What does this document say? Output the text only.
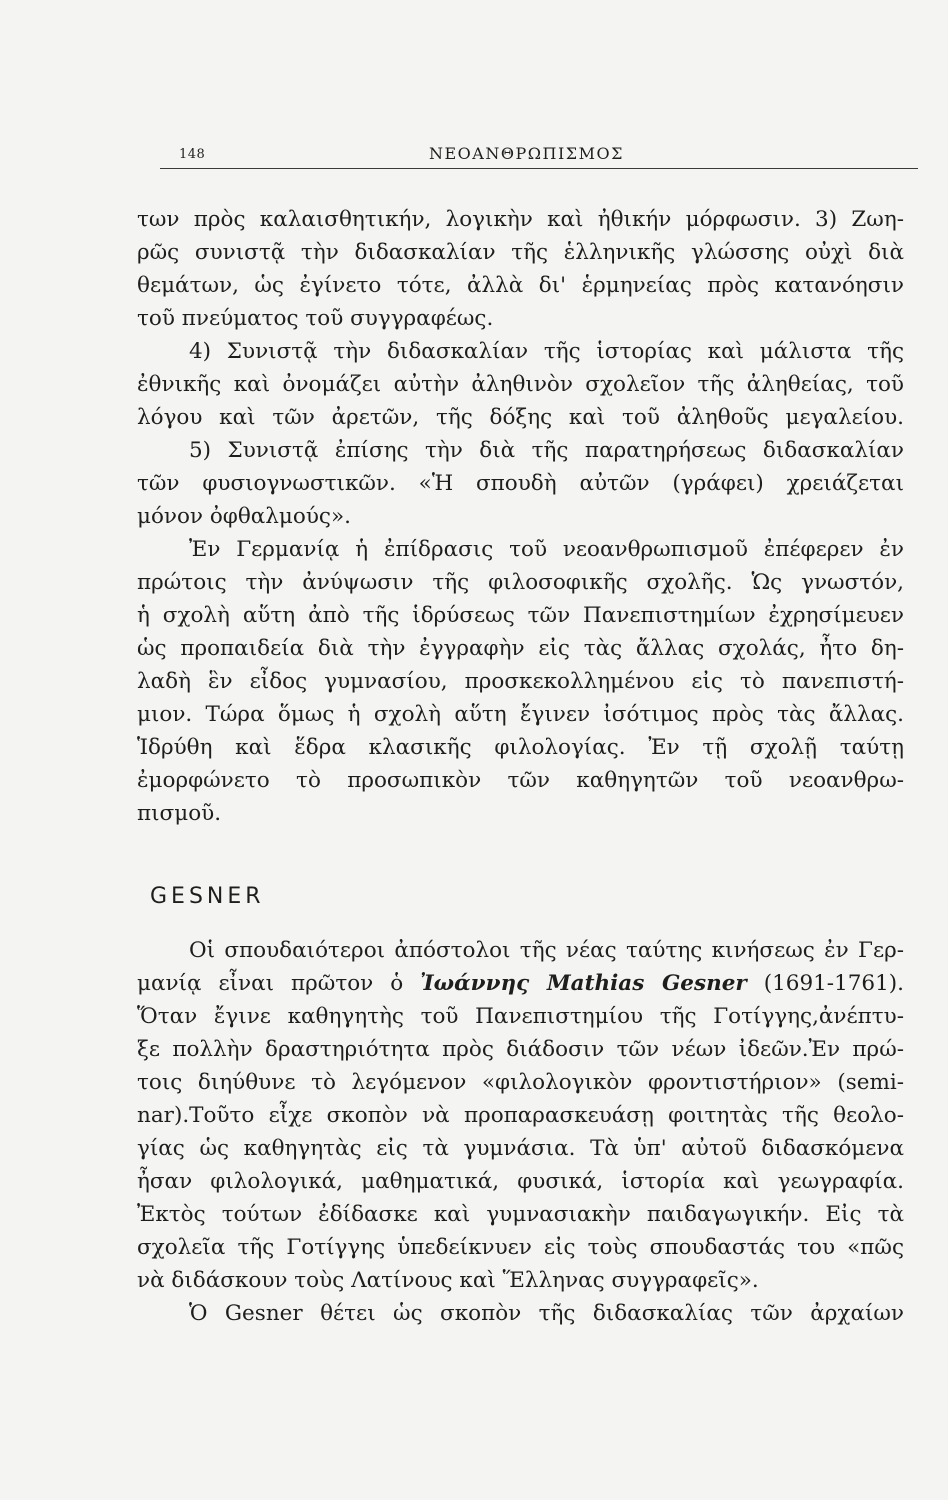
148	ΝΕΟΑΝΘΡΩΠΙΣΜΟΣ
των πρὸς καλαισθητικήν, λογικὴν καὶ ἠθικήν μόρφωσιν. 3) Ζωη-
ρῶς συνιστᾷ τὴν διδασκαλίαν τῆς ἑλληνικῆς γλώσσης οὐχὶ διὰ
θεμάτων, ὡς ἐγίνετο τότε, ἀλλὰ δι' ἑρμηνείας πρὸς κατανόησιν
τοῦ πνεύματος τοῦ συγγραφέως.
4) Συνιστᾷ τὴν διδασκαλίαν τῆς ἱστορίας καὶ μάλιστα τῆς
ἐθνικῆς καὶ ὀνομάζει αὐτὴν ἀληθινὸν σχολεῖον τῆς ἀληθείας, τοῦ
λόγου καὶ τῶν ἀρετῶν, τῆς δόξης καὶ τοῦ ἀληθοῦς μεγαλείου.
5) Συνιστᾷ ἐπίσης τὴν διὰ τῆς παρατηρήσεως διδασκαλίαν
τῶν φυσιογνωστικῶν. «Ἡ σπουδὴ αὐτῶν (γράφει) χρειάζεται
μόνον ὀφθαλμούς».
Ἐν Γερμανίᾳ ἡ ἐπίδρασις τοῦ νεοανθρωπισμοῦ ἐπέφερεν ἐν
πρώτοις τὴν ἀνύψωσιν τῆς φιλοσοφικῆς σχολῆς. Ὡς γνωστόν,
ἡ σχολὴ αὕτη ἀπὸ τῆς ἱδρύσεως τῶν Πανεπιστημίων ἐχρησίμευεν
ὡς προπαιδεία διὰ τὴν ἐγγραφὴν εἰς τὰς ἄλλας σχολάς, ἦτο δη-
λαδὴ ἓν εἶδος γυμνασίου, προσκεκολλημένου εἰς τὸ πανεπιστή-
μιον. Τώρα ὅμως ἡ σχολὴ αὕτη ἔγινεν ἰσότιμος πρὸς τὰς ἄλλας.
Ἱδρύθη καὶ ἕδρα κλασικῆς φιλολογίας. Ἐν τῇ σχολῇ ταύτῃ
ἐμορφώνετο τὸ προσωπικὸν τῶν καθηγητῶν τοῦ νεοανθρω-
πισμοῦ.
GESNER
Οἱ σπουδαιότεροι ἀπόστολοι τῆς νέας ταύτης κινήσεως ἐν Γερ-
μανίᾳ εἶναι πρῶτον ὁ Ἰωάννης Mathias Gesner (1691-1761).
Ὅταν ἔγινε καθηγητὴς τοῦ Πανεπιστημίου τῆς Γοτίγγης,ἀνέπτυ-
ξε πολλὴν δραστηριότητα πρὸς διάδοσιν τῶν νέων ἰδεῶν.Ἐν πρώ-
τοις διηύθυνε τὸ λεγόμενον «φιλολογικὸν φροντιστήριον» (semi-
nar).Τοῦτο εἶχε σκοπὸν νὰ προπαρασκευάσῃ φοιτητὰς τῆς θεολο-
γίας ὡς καθηγητὰς εἰς τὰ γυμνάσια. Τὰ ὑπ' αὐτοῦ διδασκόμενα
ἦσαν φιλολογικά, μαθηματικά, φυσικά, ἱστορία καὶ γεωγραφία.
Ἐκτὸς τούτων ἐδίδασκε καὶ γυμνασιακὴν παιδαγωγικήν. Εἰς τὰ
σχολεῖα τῆς Γοτίγγης ὑπεδείκνυεν εἰς τοὺς σπουδαστάς του «πῶς
νὰ διδάσκουν τοὺς Λατίνους καὶ Ἕλληνας συγγραφεῖς».
Ὁ Gesner θέτει ὡς σκοπὸν τῆς διδασκαλίας τῶν ἀρχαίων
